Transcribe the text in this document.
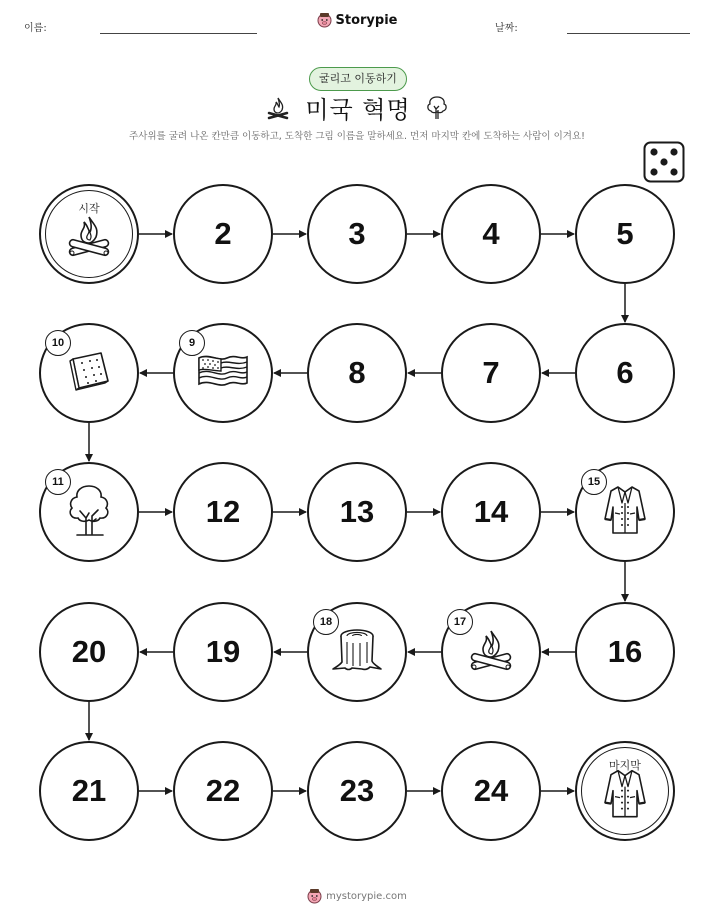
이름:
Storypie
날짜:
굴리고 이동하기
미국 혁명
주사위를 굴려 나온 칸만큼 이동하고, 도착한 그림 이름을 말하세요. 먼저 마지막 칸에 도착하는 사람이 이겨요!
시작
2	3	4	5
6
7
8
9
10
11
12	13	14
15
16
17
18
19
20
21	22	23	24
마지막
mystorypie.com
